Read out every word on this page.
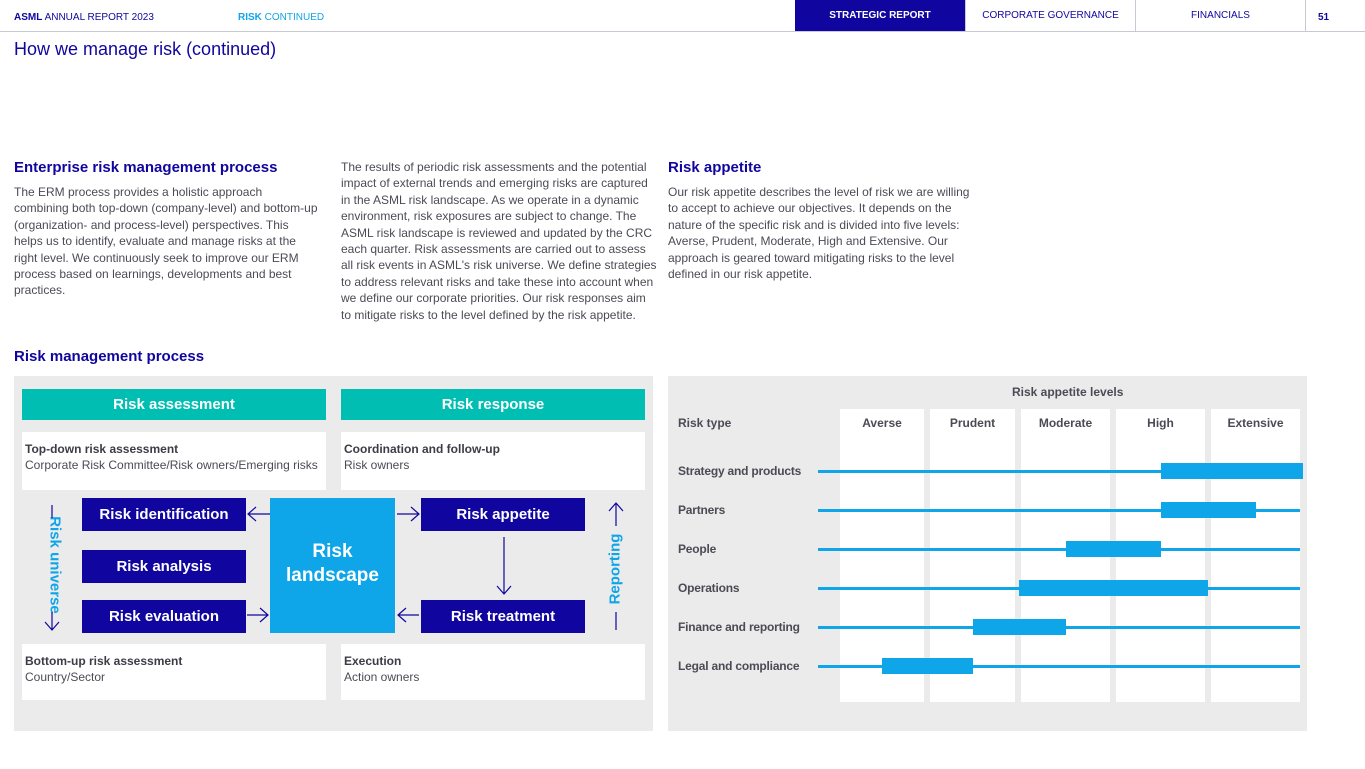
ASML ANNUAL REPORT 2023	RISK CONTINUED	STRATEGIC REPORT	CORPORATE GOVERNANCE	FINANCIALS	51
How we manage risk (continued)
Enterprise risk management process
The ERM process provides a holistic approach combining both top-down (company-level) and bottom-up (organization- and process-level) perspectives. This helps us to identify, evaluate and manage risks at the right level. We continuously seek to improve our ERM process based on learnings, developments and best practices.
The results of periodic risk assessments and the potential impact of external trends and emerging risks are captured in the ASML risk landscape. As we operate in a dynamic environment, risk exposures are subject to change. The ASML risk landscape is reviewed and updated by the CRC each quarter. Risk assessments are carried out to assess all risk events in ASML's risk universe. We define strategies to address relevant risks and take these into account when we define our corporate priorities. Our risk responses aim to mitigate risks to the level defined by the risk appetite.
Risk appetite
Our risk appetite describes the level of risk we are willing to accept to achieve our objectives. It depends on the nature of the specific risk and is divided into five levels: Averse, Prudent, Moderate, High and Extensive. Our approach is geared toward mitigating risks to the level defined in our risk appetite.
Risk management process
Risk assessment	Risk response
Top-down risk assessment
Corporate Risk Committee/Risk owners/Emerging risks
Coordination and follow-up
Risk owners
Bottom-up risk assessment
Country/Sector
Execution
Action owners
Risk identification
Risk analysis
Risk evaluation
Risk
landscape
Risk appetite
Risk treatment
Risk universe	Reporting
Risk appetite levels
Risk type	Averse	Prudent	Moderate	High	Extensive
Strategy and products
Partners
People
Operations
Finance and reporting
Legal and compliance
